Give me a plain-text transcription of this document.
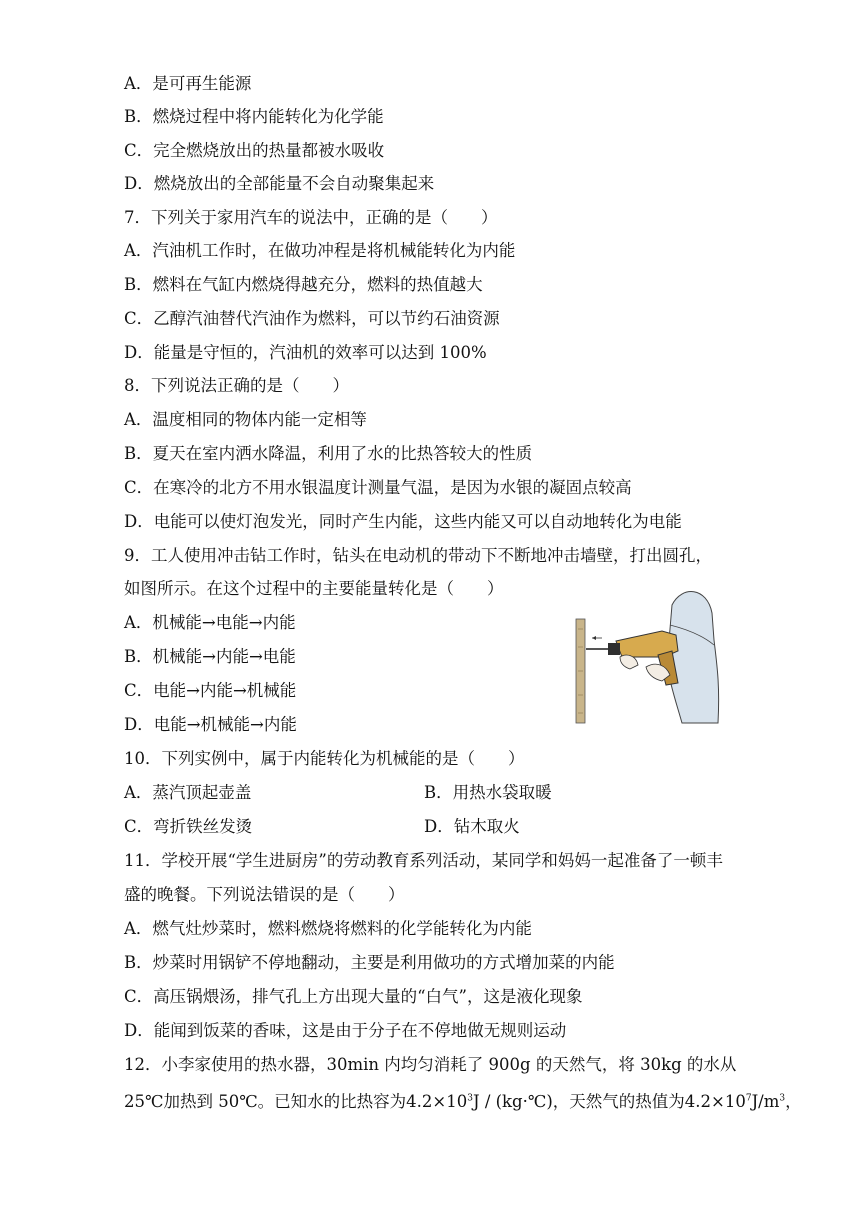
A．是可再生能源
B．燃烧过程中将内能转化为化学能
C．完全燃烧放出的热量都被水吸收
D．燃烧放出的全部能量不会自动聚集起来
7．下列关于家用汽车的说法中，正确的是（　　）
A．汽油机工作时，在做功冲程是将机械能转化为内能
B．燃料在气缸内燃烧得越充分，燃料的热值越大
C．乙醇汽油替代汽油作为燃料，可以节约石油资源
D．能量是守恒的，汽油机的效率可以达到 100%
8．下列说法正确的是（　　）
A．温度相同的物体内能一定相等
B．夏天在室内洒水降温，利用了水的比热答较大的性质
C．在寒冷的北方不用水银温度计测量气温，是因为水银的凝固点较高
D．电能可以使灯泡发光，同时产生内能，这些内能又可以自动地转化为电能
9．工人使用冲击钻工作时，钻头在电动机的带动下不断地冲击墙壁，打出圆孔，
如图所示。在这个过程中的主要能量转化是（　　）
A．机械能→电能→内能
B．机械能→内能→电能
C．电能→内能→机械能
D．电能→机械能→内能
10．下列实例中，属于内能转化为机械能的是（　　）
A．蒸汽顶起壶盖	B．用热水袋取暖
C．弯折铁丝发烫	D．钻木取火
11．学校开展“学生进厨房”的劳动教育系列活动，某同学和妈妈一起准备了一顿丰
盛的晚餐。下列说法错误的是（　　）
A．燃气灶炒菜时，燃料燃烧将燃料的化学能转化为内能
B．炒菜时用锅铲不停地翻动，主要是利用做功的方式增加菜的内能
C．高压锅煨汤，排气孔上方出现大量的“白气”，这是液化现象
D．能闻到饭菜的香味，这是由于分子在不停地做无规则运动
12．小李家使用的热水器，30min 内均匀消耗了 900g 的天然气，将 30kg 的水从
25℃加热到 50℃。已知水的比热容为$4.2\times 10^3J$ / (kg·℃)，天然气的热值为$4.2\times 10^7J/m^3$，
